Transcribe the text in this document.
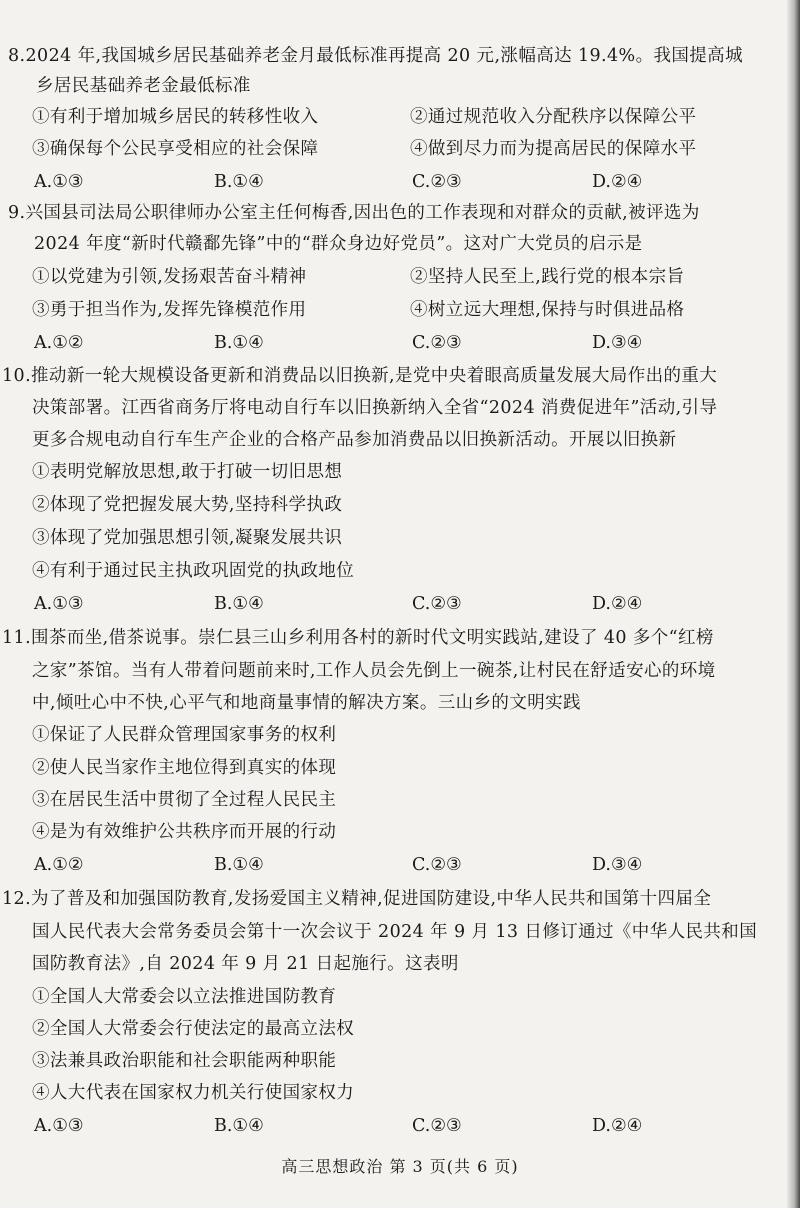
8.2024 年,我国城乡居民基础养老金月最低标准再提高 20 元,涨幅高达 19.4%。我国提高城
乡居民基础养老金最低标准
①有利于增加城乡居民的转移性收入	②通过规范收入分配秩序以保障公平
③确保每个公民享受相应的社会保障	④做到尽力而为提高居民的保障水平
A.①③	B.①④	C.②③	D.②④
9.兴国县司法局公职律师办公室主任何梅香,因出色的工作表现和对群众的贡献,被评选为
2024 年度“新时代赣鄱先锋”中的“群众身边好党员”。这对广大党员的启示是
①以党建为引领,发扬艰苦奋斗精神	②坚持人民至上,践行党的根本宗旨
③勇于担当作为,发挥先锋模范作用	④树立远大理想,保持与时俱进品格
A.①②	B.①④	C.②③	D.③④
10.推动新一轮大规模设备更新和消费品以旧换新,是党中央着眼高质量发展大局作出的重大
决策部署。江西省商务厅将电动自行车以旧换新纳入全省“2024 消费促进年”活动,引导
更多合规电动自行车生产企业的合格产品参加消费品以旧换新活动。开展以旧换新
①表明党解放思想,敢于打破一切旧思想
②体现了党把握发展大势,坚持科学执政
③体现了党加强思想引领,凝聚发展共识
④有利于通过民主执政巩固党的执政地位
A.①③	B.①④	C.②③	D.②④
11.围茶而坐,借茶说事。崇仁县三山乡利用各村的新时代文明实践站,建设了 40 多个“红榜
之家”茶馆。当有人带着问题前来时,工作人员会先倒上一碗茶,让村民在舒适安心的环境
中,倾吐心中不快,心平气和地商量事情的解决方案。三山乡的文明实践
①保证了人民群众管理国家事务的权利
②使人民当家作主地位得到真实的体现
③在居民生活中贯彻了全过程人民民主
④是为有效维护公共秩序而开展的行动
A.①②	B.①④	C.②③	D.③④
12.为了普及和加强国防教育,发扬爱国主义精神,促进国防建设,中华人民共和国第十四届全
国人民代表大会常务委员会第十一次会议于 2024 年 9 月 13 日修订通过《中华人民共和国
国防教育法》,自 2024 年 9 月 21 日起施行。这表明
①全国人大常委会以立法推进国防教育
②全国人大常委会行使法定的最高立法权
③法兼具政治职能和社会职能两种职能
④人大代表在国家权力机关行使国家权力
A.①③	B.①④	C.②③	D.②④
高三思想政治 第 3 页(共 6 页)
